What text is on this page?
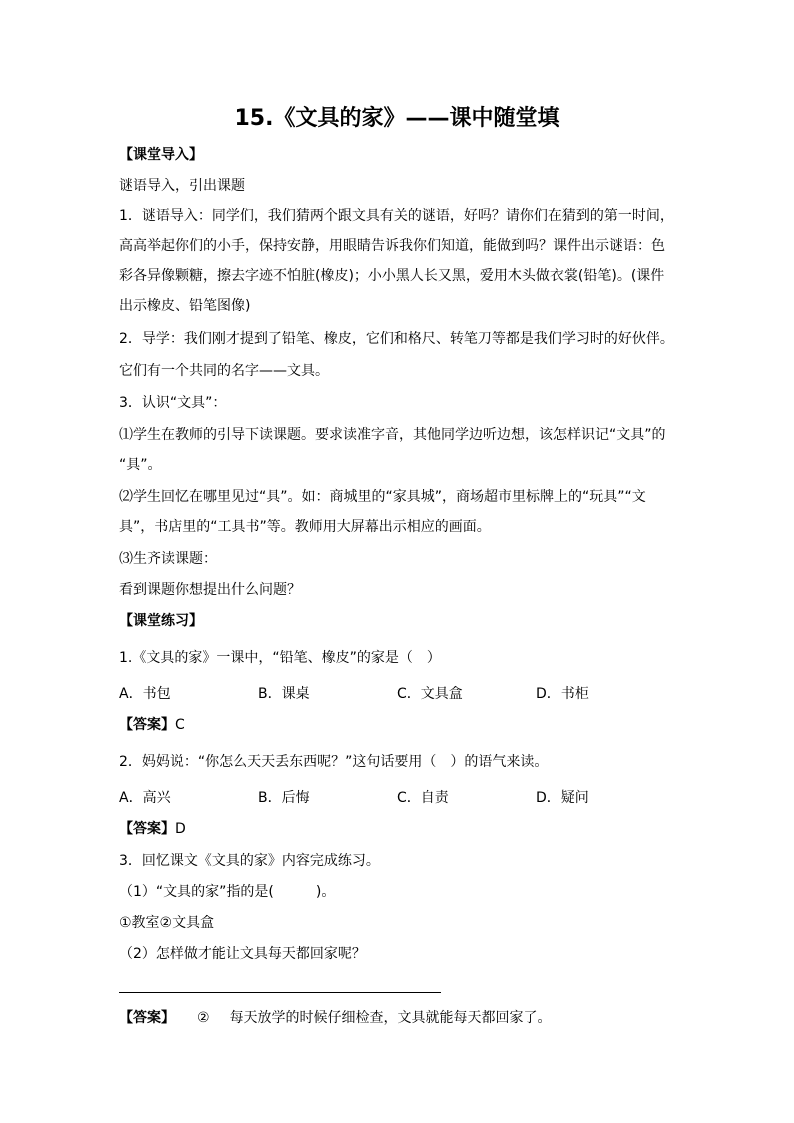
15.《文具的家》——课中随堂填
【课堂导入】
谜语导入，引出课题
1．谜语导入：同学们，我们猜两个跟文具有关的谜语，好吗？请你们在猜到的第一时间，
高高举起你们的小手，保持安静，用眼睛告诉我你们知道，能做到吗？课件出示谜语：色
彩各异像颗糖，擦去字迹不怕脏(橡皮)；小小黑人长又黑，爱用木头做衣裳(铅笔)。(课件
出示橡皮、铅笔图像)
2．导学：我们刚才提到了铅笔、橡皮，它们和格尺、转笔刀等都是我们学习时的好伙伴。
它们有一个共同的名字——文具。
3．认识“文具”：
⑴学生在教师的引导下读课题。要求读准字音，其他同学边听边想，该怎样识记“文具”的
“具”。
⑵学生回忆在哪里见过“具”。如：商城里的“家具城”，商场超市里标牌上的“玩具”“文
具”，书店里的“工具书”等。教师用大屏幕出示相应的画面。
⑶生齐读课题：
看到课题你想提出什么问题？
【课堂练习】
1.《文具的家》一课中，“铅笔、橡皮”的家是（　）
A．书包	B．课桌	C．文具盒	D．书柜
【答案】C
2．妈妈说：“你怎么天天丢东西呢？”这句话要用（　）的语气来读。
A．高兴	B．后悔	C．自责	D．疑问
【答案】D
3．回忆课文《文具的家》内容完成练习。
（1）“文具的家”指的是(　　　)。
①教室②文具盒
（2）怎样做才能让文具每天都回家呢？
【答案】 ② 每天放学的时候仔细检查，文具就能每天都回家了。
